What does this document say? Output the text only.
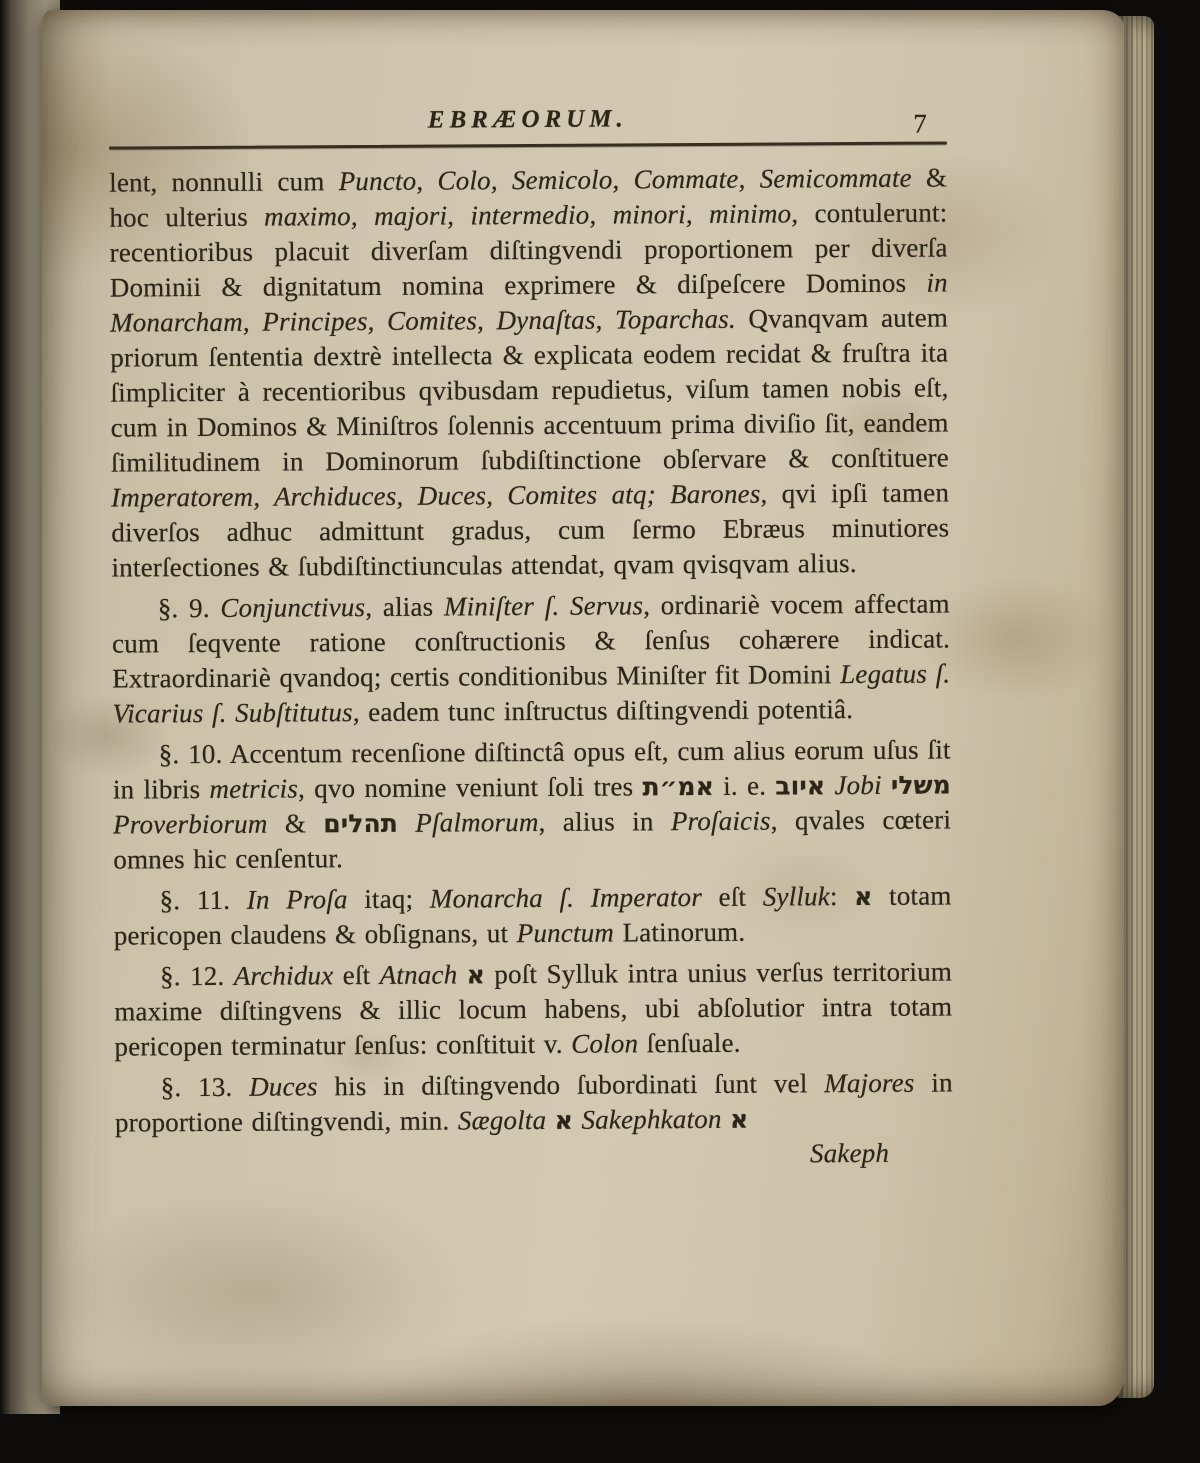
EBRÆORUM.	7

lent, nonnulli cum Puncto, Colo, Semicolo, Commate, Semicommate & hoc ulterius maximo, majori, intermedio, minori, minimo, contulerunt: recentioribus placuit diverſam diſtingvendi proportionem per diverſa Dominii & dignitatum nomina exprimere & diſpeſcere Dominos in Monarcham, Principes, Comites, Dynaſtas, Toparchas. Qvanqvam autem priorum ſententia dextrè intellecta & explicata eodem recidat & fruſtra ita ſimpliciter à recentioribus qvibusdam repudietus, viſum tamen nobis eſt, cum in Dominos & Miniſtros ſolennis accentuum prima diviſio ſit, eandem ſimilitudinem in Dominorum ſubdiſtinctione obſervare & conſtituere Imperatorem, Archiduces, Duces, Comites atq; Barones, qvi ipſi tamen diverſos adhuc admittunt gradus, cum ſermo Ebræus minutiores interſectiones & ſubdiſtinctiunculas attendat, qvam qvisqvam alius.

§. 9. Conjunctivus, alias Miniſter ſ. Servus, ordinariè vocem affectam cum ſeqvente ratione conſtructionis & ſenſus cohærere indicat. Extraordinariè qvandoq; certis conditionibus Miniſter fit Domini Legatus ſ. Vicarius ſ. Subſtitutus, eadem tunc inſtructus diſtingvendi potentiâ.

§. 10. Accentum recenſione diſtinctâ opus eſt, cum alius eorum uſus ſit in libris metricis, qvo nomine veniunt ſoli tres אמ״ת i. e. איוב Jobi משלי Proverbiorum & תהלים Pſalmorum, alius in Proſaicis, qvales cœteri omnes hic cenſentur.

§. 11. In Proſa itaq; Monarcha ſ. Imperator eſt Sylluk: א totam pericopen claudens & obſignans, ut Punctum Latinorum.

§. 12. Archidux eſt Atnach א poſt Sylluk intra unius verſus territorium maxime diſtingvens & illic locum habens, ubi abſolutior intra totam pericopen terminatur ſenſus: conſtituit v. Colon ſenſuale.

§. 13. Duces his in diſtingvendo ſubordinati ſunt vel Majores in proportione diſtingvendi, min. Sægolta א Sakephkaton א

Sakeph
